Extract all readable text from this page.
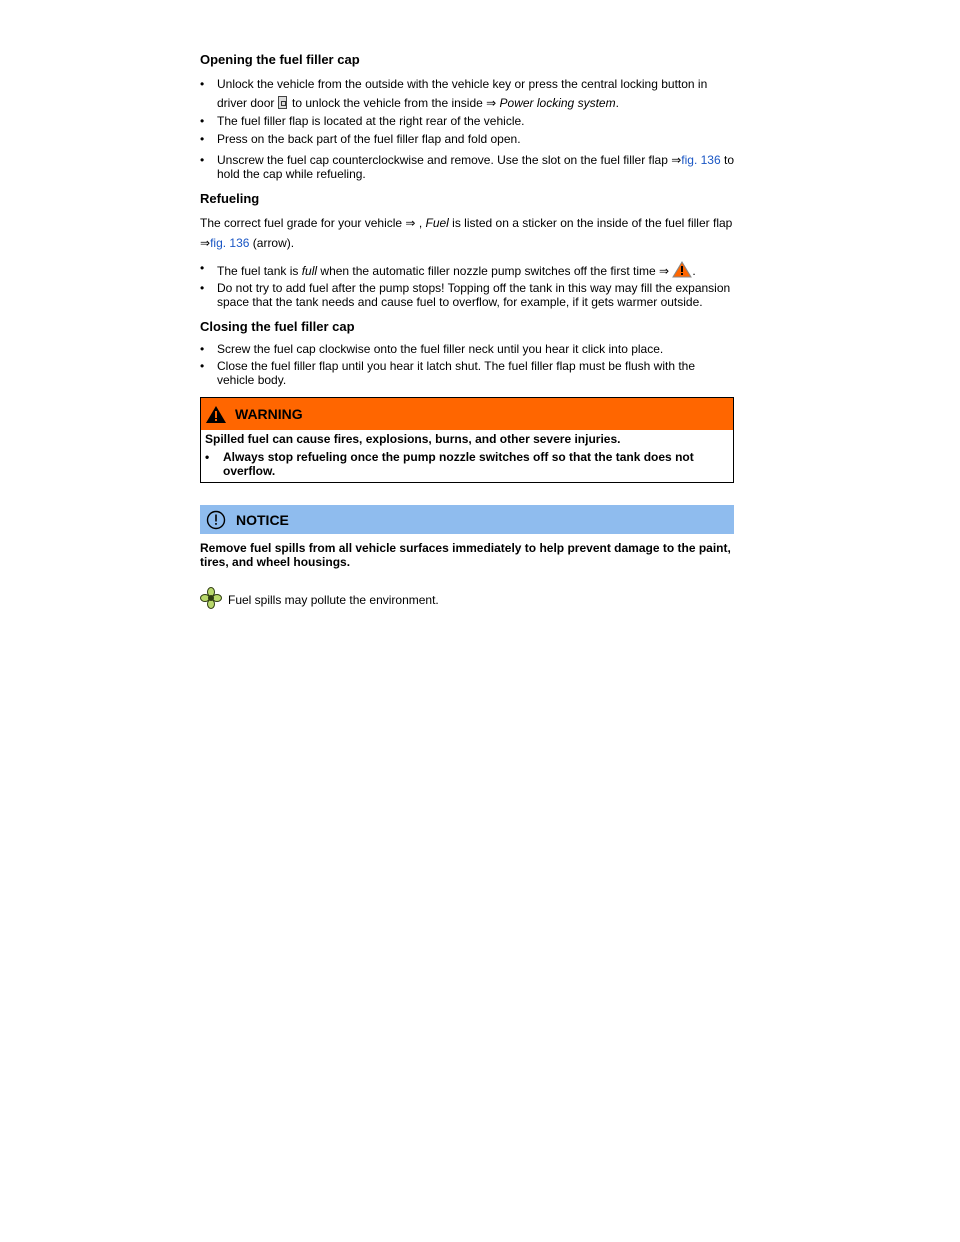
Opening the fuel filler cap

• Unlock the vehicle from the outside with the vehicle key or press the central locking button in driver door  to unlock the vehicle from the inside ⇒ Power locking system.

• The fuel filler flap is located at the right rear of the vehicle.

• Press on the back part of the fuel filler flap and fold open.

• Unscrew the fuel cap counterclockwise and remove. Use the slot on the fuel filler flap ⇒fig. 136 to hold the cap while refueling.

Refueling

The correct fuel grade for your vehicle ⇒ , Fuel is listed on a sticker on the inside of the fuel filler flap
⇒fig. 136 (arrow).

• The fuel tank is full when the automatic filler nozzle pump switches off the first time ⇒ .

• Do not try to add fuel after the pump stops! Topping off the tank in this way may fill the expansion space that the tank needs and cause fuel to overflow, for example, if it gets warmer outside.

Closing the fuel filler cap

• Screw the fuel cap clockwise onto the fuel filler neck until you hear it click into place.

• Close the fuel filler flap until you hear it latch shut. The fuel filler flap must be flush with the vehicle body.

WARNING
Spilled fuel can cause fires, explosions, burns, and other severe injuries.

• Always stop refueling once the pump nozzle switches off so that the tank does not overflow.

NOTICE
Remove fuel spills from all vehicle surfaces immediately to help prevent damage to the paint, tires, and wheel housings.
Fuel spills may pollute the environment.
